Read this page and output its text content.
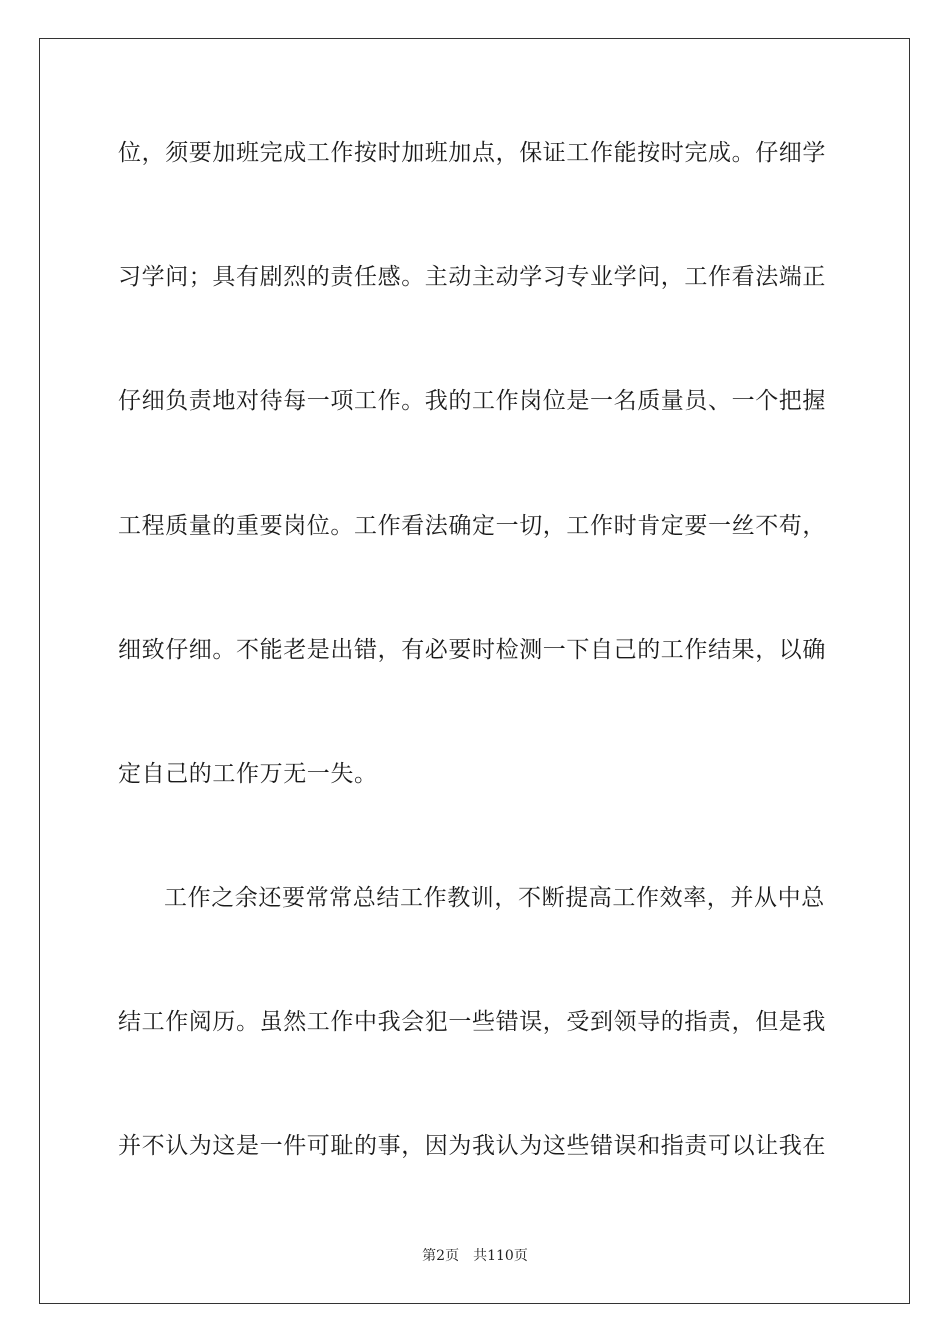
位，须要加班完成工作按时加班加点，保证工作能按时完成。仔细学
习学问；具有剧烈的责任感。主动主动学习专业学问，工作看法端正
仔细负责地对待每一项工作。我的工作岗位是一名质量员、一个把握
工程质量的重要岗位。工作看法确定一切，工作时肯定要一丝不苟，
细致仔细。不能老是出错，有必要时检测一下自己的工作结果，以确
定自己的工作万无一失。
工作之余还要常常总结工作教训，不断提高工作效率，并从中总
结工作阅历。虽然工作中我会犯一些错误，受到领导的指责，但是我
并不认为这是一件可耻的事，因为我认为这些错误和指责可以让我在
第2页 共110页
